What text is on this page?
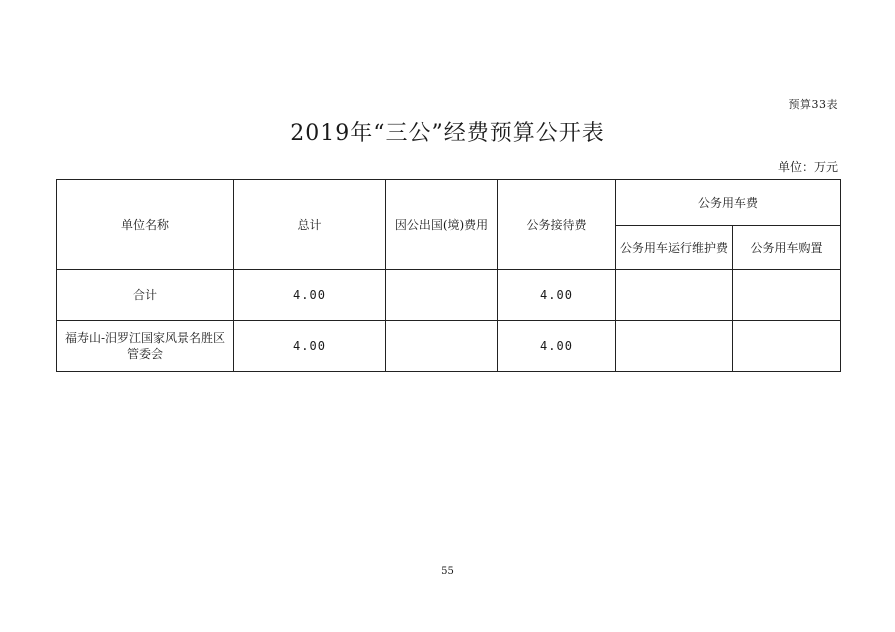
预算33表
2019年“三公”经费预算公开表
单位：万元
单位名称	总计	因公出国(境)费用	公务接待费	公务用车费	
				公务用车运行维护费	公务用车购置
合计	4.00		4.00		
福寿山-汨罗江国家风景名胜区管委会	4.00		4.00		
55
